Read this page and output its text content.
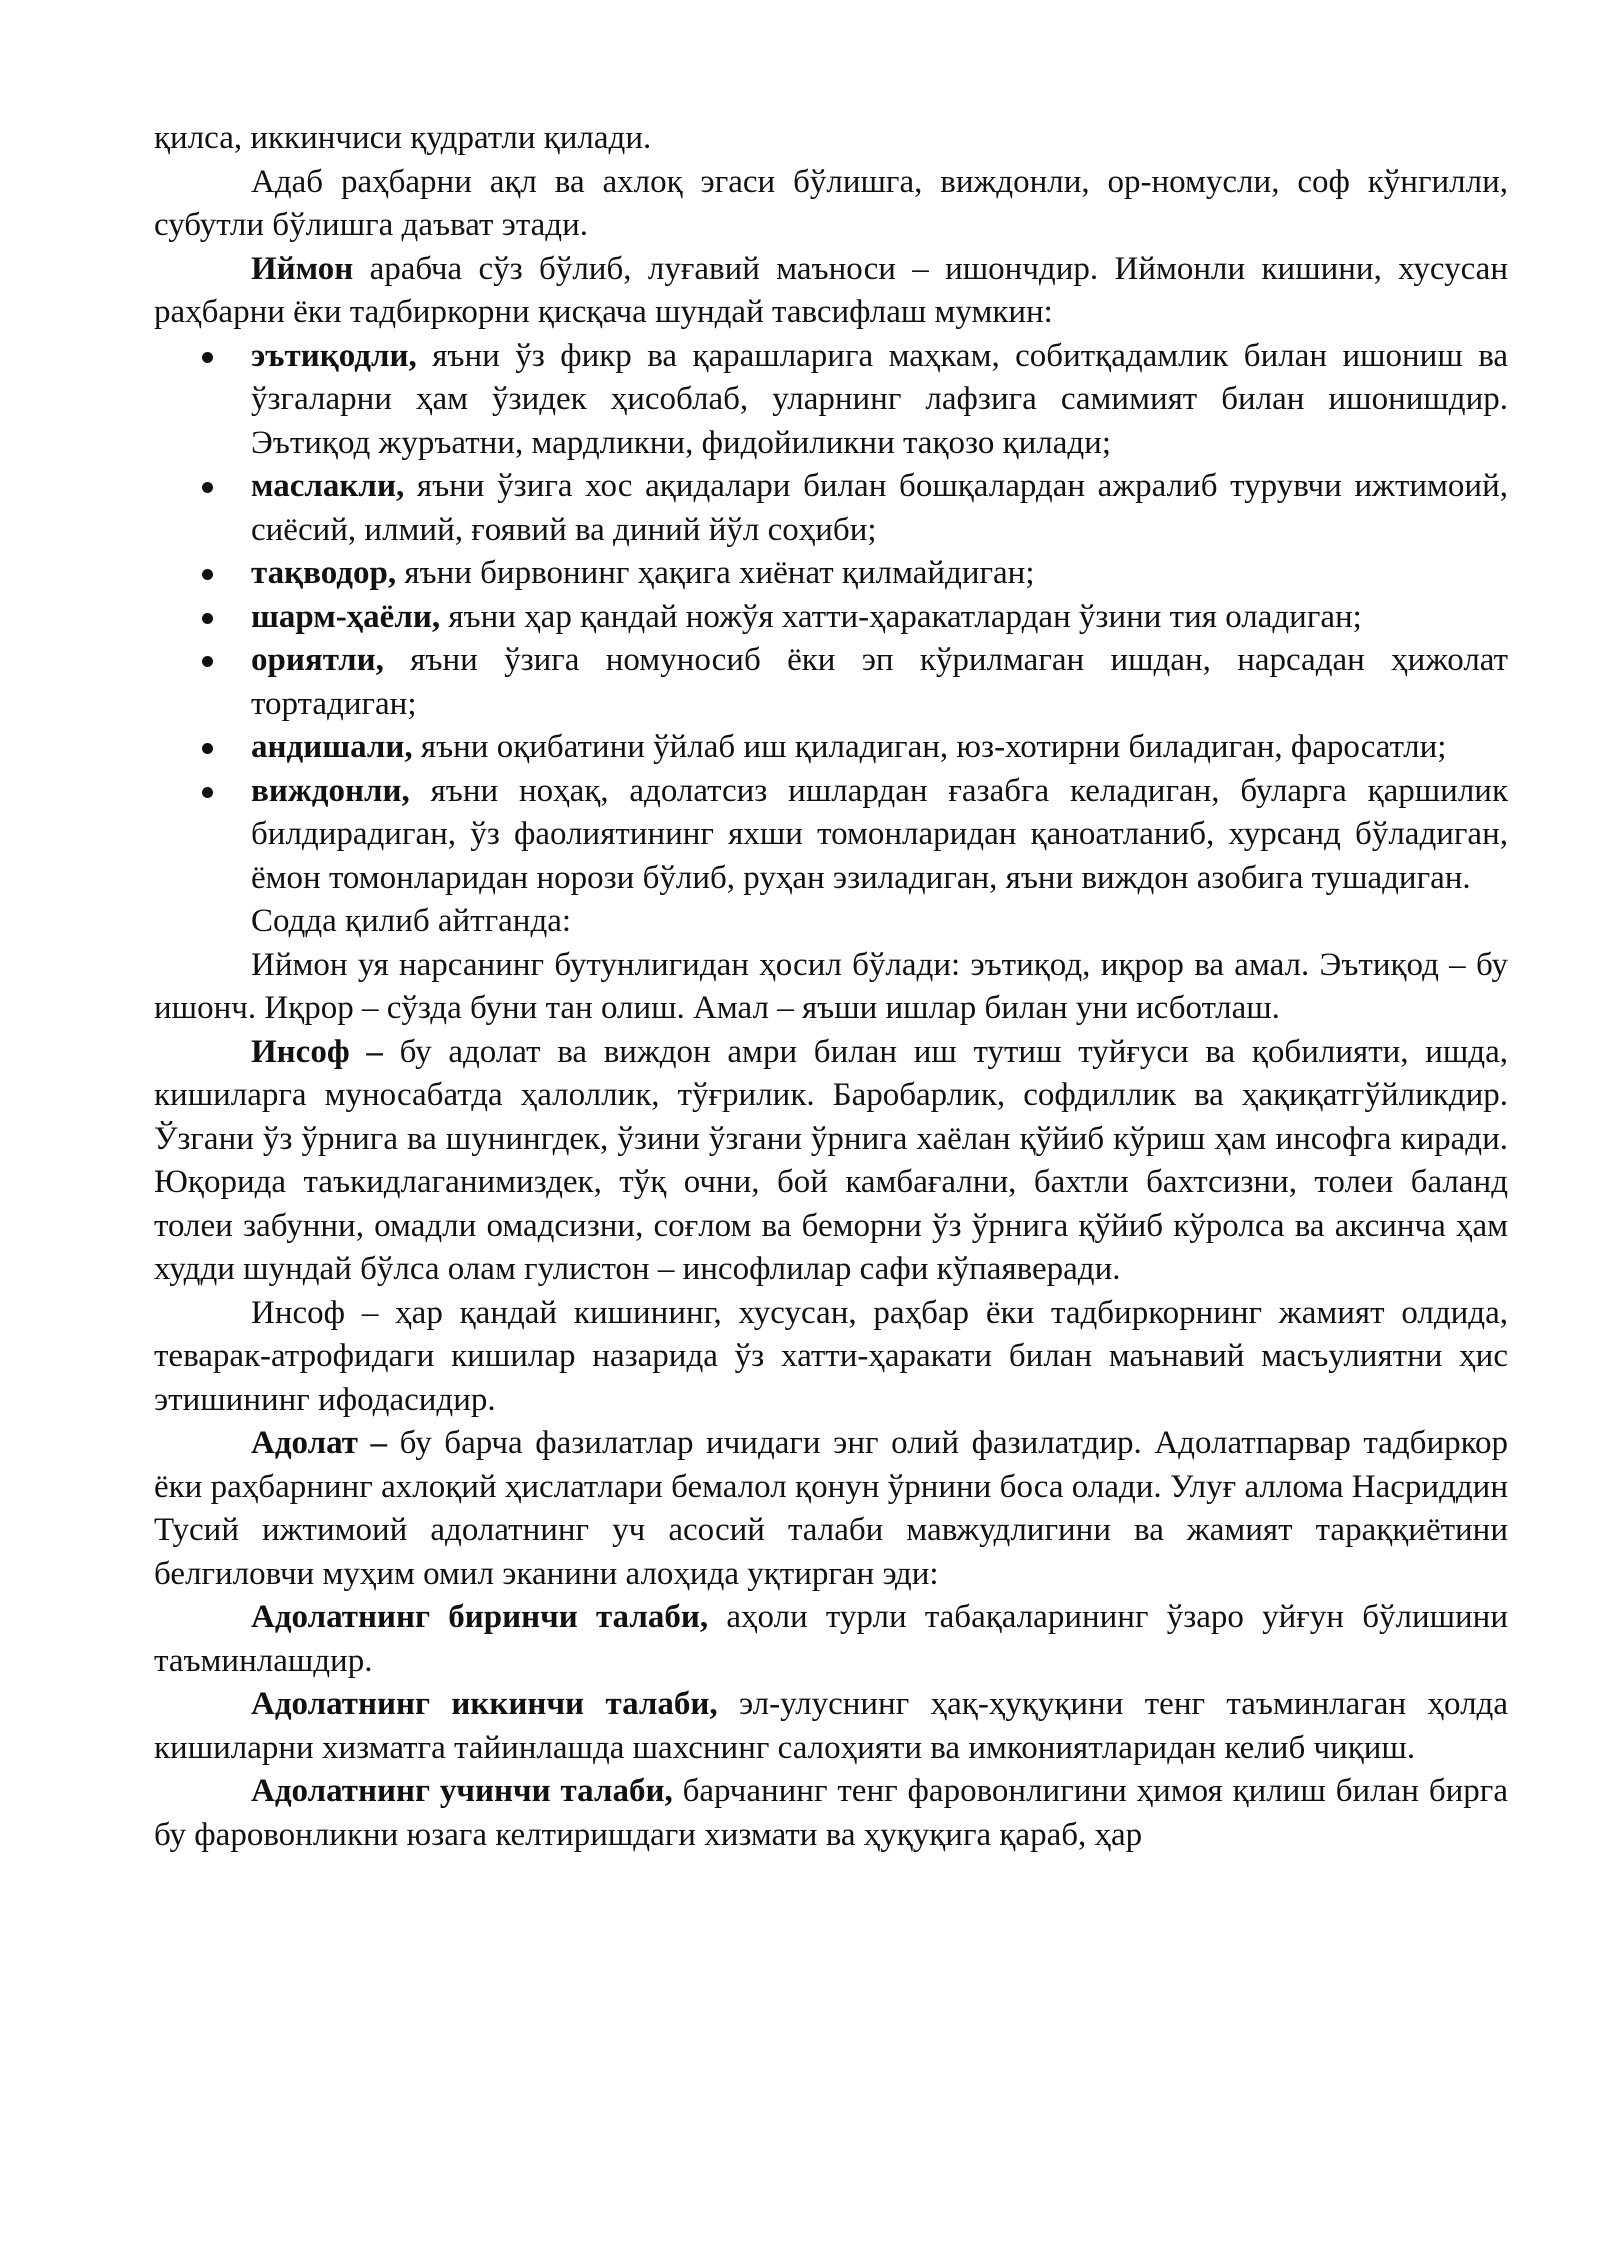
қилса, иккинчиси қудратли қилади.

Адаб раҳбарни ақл ва ахлоқ эгаси бўлишга, виждонли, ор-номусли, соф кўнгилли, субутли бўлишга даъват этади.

Иймон арабча сўз бўлиб, луғавий маъноси – ишончдир. Иймонли кишини, хусусан раҳбарни ёки тадбиркорни қисқача шундай тавсифлаш мумкин:

эътиқодли, яъни ўз фикр ва қарашларига маҳкам, собитқадамлик билан ишониш ва ўзгаларни ҳам ўзидек ҳисоблаб, уларнинг лафзига самимият билан ишонишдир. Эътиқод журъатни, мардликни, фидойиликни тақозо қилади;
маслакли, яъни ўзига хос ақидалари билан бошқалардан ажралиб турувчи ижтимоий, сиёсий, илмий, ғоявий ва диний йўл соҳиби;
тақводор, яъни бирвонинг ҳақига хиёнат қилмайдиган;
шарм-ҳаёли, яъни ҳар қандай ножўя хатти-ҳаракатлардан ўзини тия оладиган;
ориятли, яъни ўзига номуносиб ёки эп кўрилмаган ишдан, нарсадан ҳижолат тортадиган;
андишали, яъни оқибатини ўйлаб иш қиладиган, юз-хотирни биладиган, фаросатли;
виждонли, яъни ноҳақ, адолатсиз ишлардан ғазабга келадиган, буларга қаршилик билдирадиган, ўз фаолиятининг яхши томонларидан қаноатланиб, хурсанд бўладиган, ёмон томонларидан норози бўлиб, руҳан эзиладиган, яъни виждон азобига тушадиган.

Содда қилиб айтганда:

Иймон уя нарсанинг бутунлигидан ҳосил бўлади: эътиқод, иқрор ва амал. Эътиқод – бу ишонч. Иқрор – сўзда буни тан олиш. Амал – яъши ишлар билан уни исботлаш.

Инсоф – бу адолат ва виждон амри билан иш тутиш туйғуси ва қобилияти, ишда, кишиларга муносабатда ҳалоллик, тўғрилик. Баробарлик, софдиллик ва ҳақиқатгўйликдир. Ўзгани ўз ўрнига ва шунингдек, ўзини ўзгани ўрнига хаёлан қўйиб кўриш ҳам инсофга киради. Юқорида таъкидлаганимиздек, тўқ очни, бой камбағални, бахтли бахтсизни, толеи баланд толеи забунни, омадли омадсизни, соғлом ва беморни ўз ўрнига қўйиб кўролса ва аксинча ҳам худди шундай бўлса олам гулистон – инсофлилар сафи кўпаяверади.

Инсоф – ҳар қандай кишининг, хусусан, раҳбар ёки тадбиркорнинг жамият олдида, теварак-атрофидаги кишилар назарида ўз хатти-ҳаракати билан маънавий масъулиятни ҳис этишининг ифодасидир.

Адолат – бу барча фазилатлар ичидаги энг олий фазилатдир. Адолатпарвар тадбиркор ёки раҳбарнинг ахлоқий ҳислатлари бемалол қонун ўрнини боса олади. Улуғ аллома Насриддин Тусий ижтимоий адолатнинг уч асосий талаби мавжудлигини ва жамият тараққиётини белгиловчи муҳим омил эканини алоҳида уқтирган эди:

Адолатнинг биринчи талаби, аҳоли турли табақаларининг ўзаро уйғун бўлишини таъминлашдир.

Адолатнинг иккинчи талаби, эл-улуснинг ҳақ-ҳуқуқини тенг таъминлаган ҳолда кишиларни хизматга тайинлашда шахснинг салоҳияти ва имкониятларидан келиб чиқиш.

Адолатнинг учинчи талаби, барчанинг тенг фаровонлигини ҳимоя қилиш билан бирга бу фаровонликни юзага келтиришдаги хизмати ва ҳуқуқига қараб, ҳар
